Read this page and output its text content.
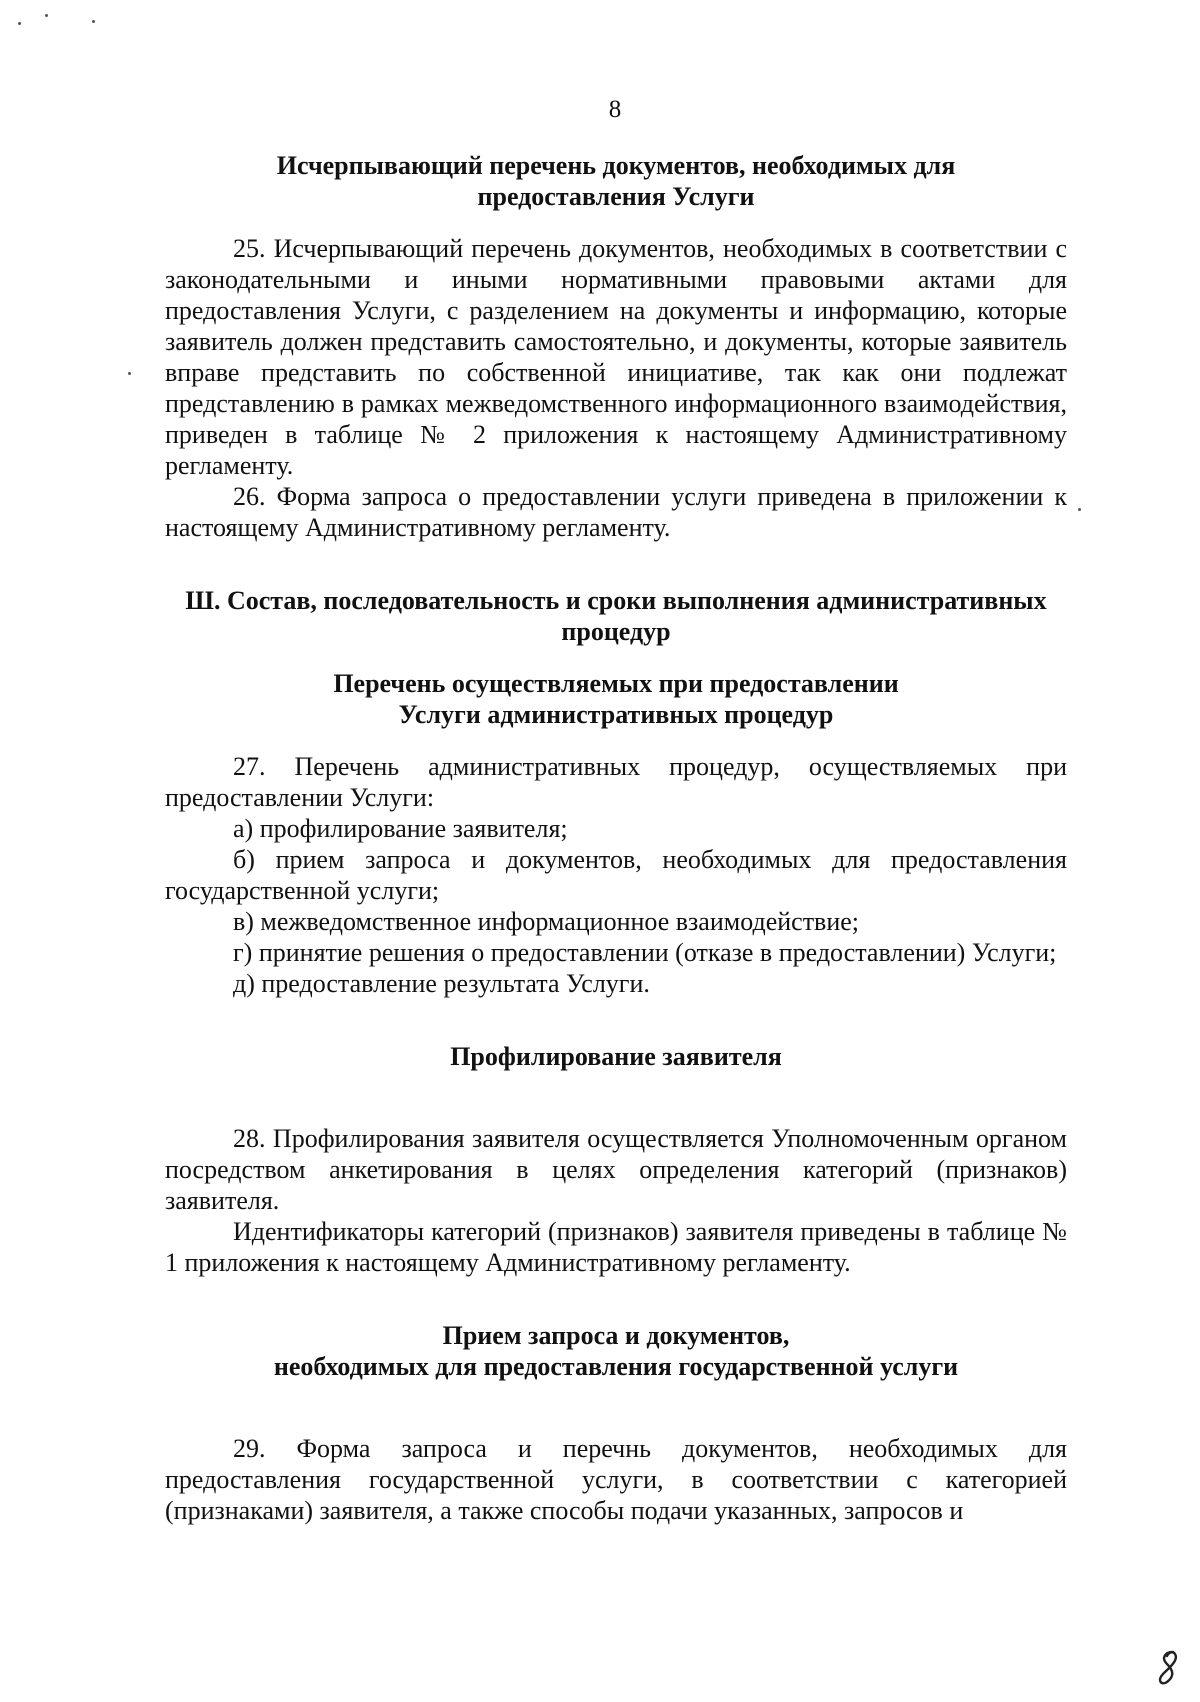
8

Исчерпывающий перечень документов, необходимых для
предоставления Услуги

25. Исчерпывающий перечень документов, необходимых в соответствии с законодательными и иными нормативными правовыми актами для предоставления Услуги, с разделением на документы и информацию, которые заявитель должен представить самостоятельно, и документы, которые заявитель вправе представить по собственной инициативе, так как они подлежат представлению в рамках межведомственного информационного взаимодействия, приведен в таблице № 2 приложения к настоящему Административному регламенту.

26. Форма запроса о предоставлении услуги приведена в приложении к настоящему Административному регламенту.

Ш. Состав, последовательность и сроки выполнения административных
процедур

Перечень осуществляемых при предоставлении
Услуги административных процедур

27. Перечень административных процедур, осуществляемых при предоставлении Услуги:

а) профилирование заявителя;

б) прием запроса и документов, необходимых для предоставления государственной услуги;

в) межведомственное информационное взаимодействие;

г) принятие решения о предоставлении (отказе в предоставлении) Услуги;

д) предоставление результата Услуги.

Профилирование заявителя

28. Профилирования заявителя осуществляется Уполномоченным органом посредством анкетирования в целях определения категорий (признаков) заявителя.

Идентификаторы категорий (признаков) заявителя приведены в таблице № 1 приложения к настоящему Административному регламенту.

Прием запроса и документов,
необходимых для предоставления государственной услуги

29. Форма запроса и перечнь документов, необходимых для предоставления государственной услуги, в соответствии с категорией (признаками) заявителя, а также способы подачи указанных, запросов и
